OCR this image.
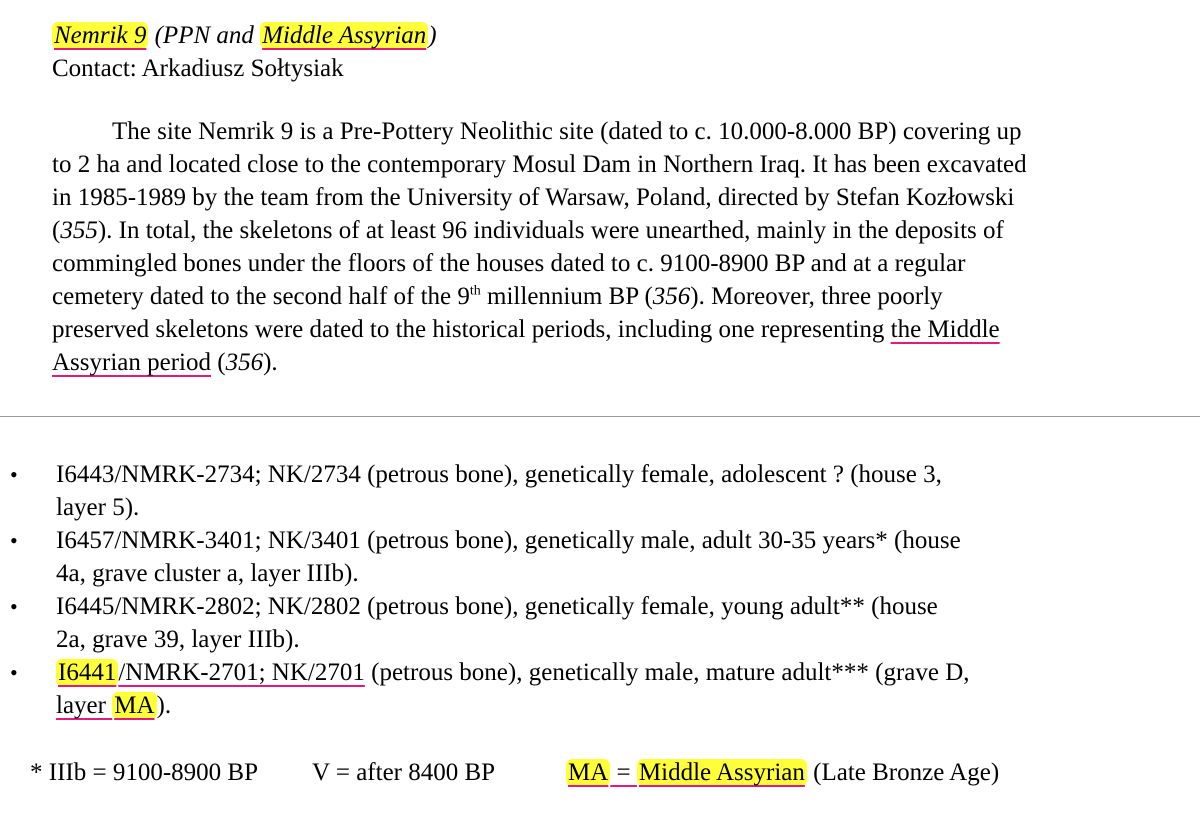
Nemrik 9 (PPN and Middle Assyrian)
Contact: Arkadiusz Sołtysiak
The site Nemrik 9 is a Pre-Pottery Neolithic site (dated to c. 10.000-8.000 BP) covering up
to 2 ha and located close to the contemporary Mosul Dam in Northern Iraq. It has been excavated
in 1985-1989 by the team from the University of Warsaw, Poland, directed by Stefan Kozłowski
(355). In total, the skeletons of at least 96 individuals were unearthed, mainly in the deposits of
commingled bones under the floors of the houses dated to c. 9100-8900 BP and at a regular
cemetery dated to the second half of the 9th millennium BP (356). Moreover, three poorly
preserved skeletons were dated to the historical periods, including one representing the Middle
Assyrian period (356).
• I6443/NMRK-2734; NK/2734 (petrous bone), genetically female, adolescent ? (house 3,
layer 5).
• I6457/NMRK-3401; NK/3401 (petrous bone), genetically male, adult 30-35 years* (house
4a, grave cluster a, layer IIIb).
• I6445/NMRK-2802; NK/2802 (petrous bone), genetically female, young adult** (house
2a, grave 39, layer IIIb).
• I6441/NMRK-2701; NK/2701 (petrous bone), genetically male, mature adult*** (grave D,
layer MA).
* IIIb = 9100-8900 BP V = after 8400 BP	MA = Middle Assyrian (Late Bronze Age)
